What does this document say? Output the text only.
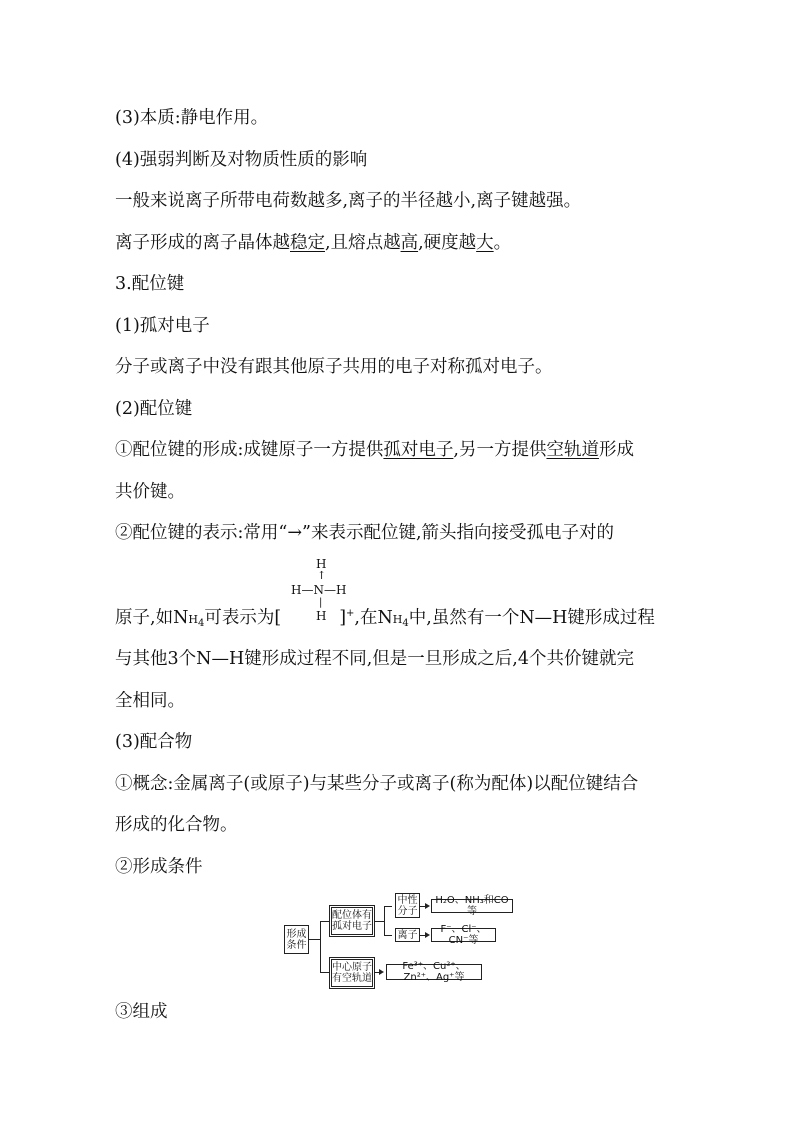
(3)本质:静电作用。
(4)强弱判断及对物质性质的影响
一般来说离子所带电荷数越多,离子的半径越小,离子键越强。
离子形成的离子晶体越稳定,且熔点越高,硬度越大。
3.配位键
(1)孤对电子
分子或离子中没有跟其他原子共用的电子对称孤对电子。
(2)配位键
①配位键的形成:成键原子一方提供孤对电子,另一方提供空轨道形成
共价键。
②配位键的表示:常用“→”来表示配位键,箭头指向接受孤电子对的
H
↑
H—N—H
|
H
原子,如$NH_4$可表示为[	]+,在$NH_4$中,虽然有一个N—H键形成过程
与其他3个N—H键形成过程不同,但是一旦形成之后,4个共价键就完
全相同。
(3)配合物
①概念:金属离子(或原子)与某些分子或离子(称为配体)以配位键结合
形成的化合物。
②形成条件
形成条件
配位体有孤对电子
中性分子
H₂O、NH₃和CO等
离子	F⁻、Cl⁻、CN⁻等
中心原子有空轨道
Fe³⁺、Cu²⁺、Zn²⁺、Ag⁺等
③组成
